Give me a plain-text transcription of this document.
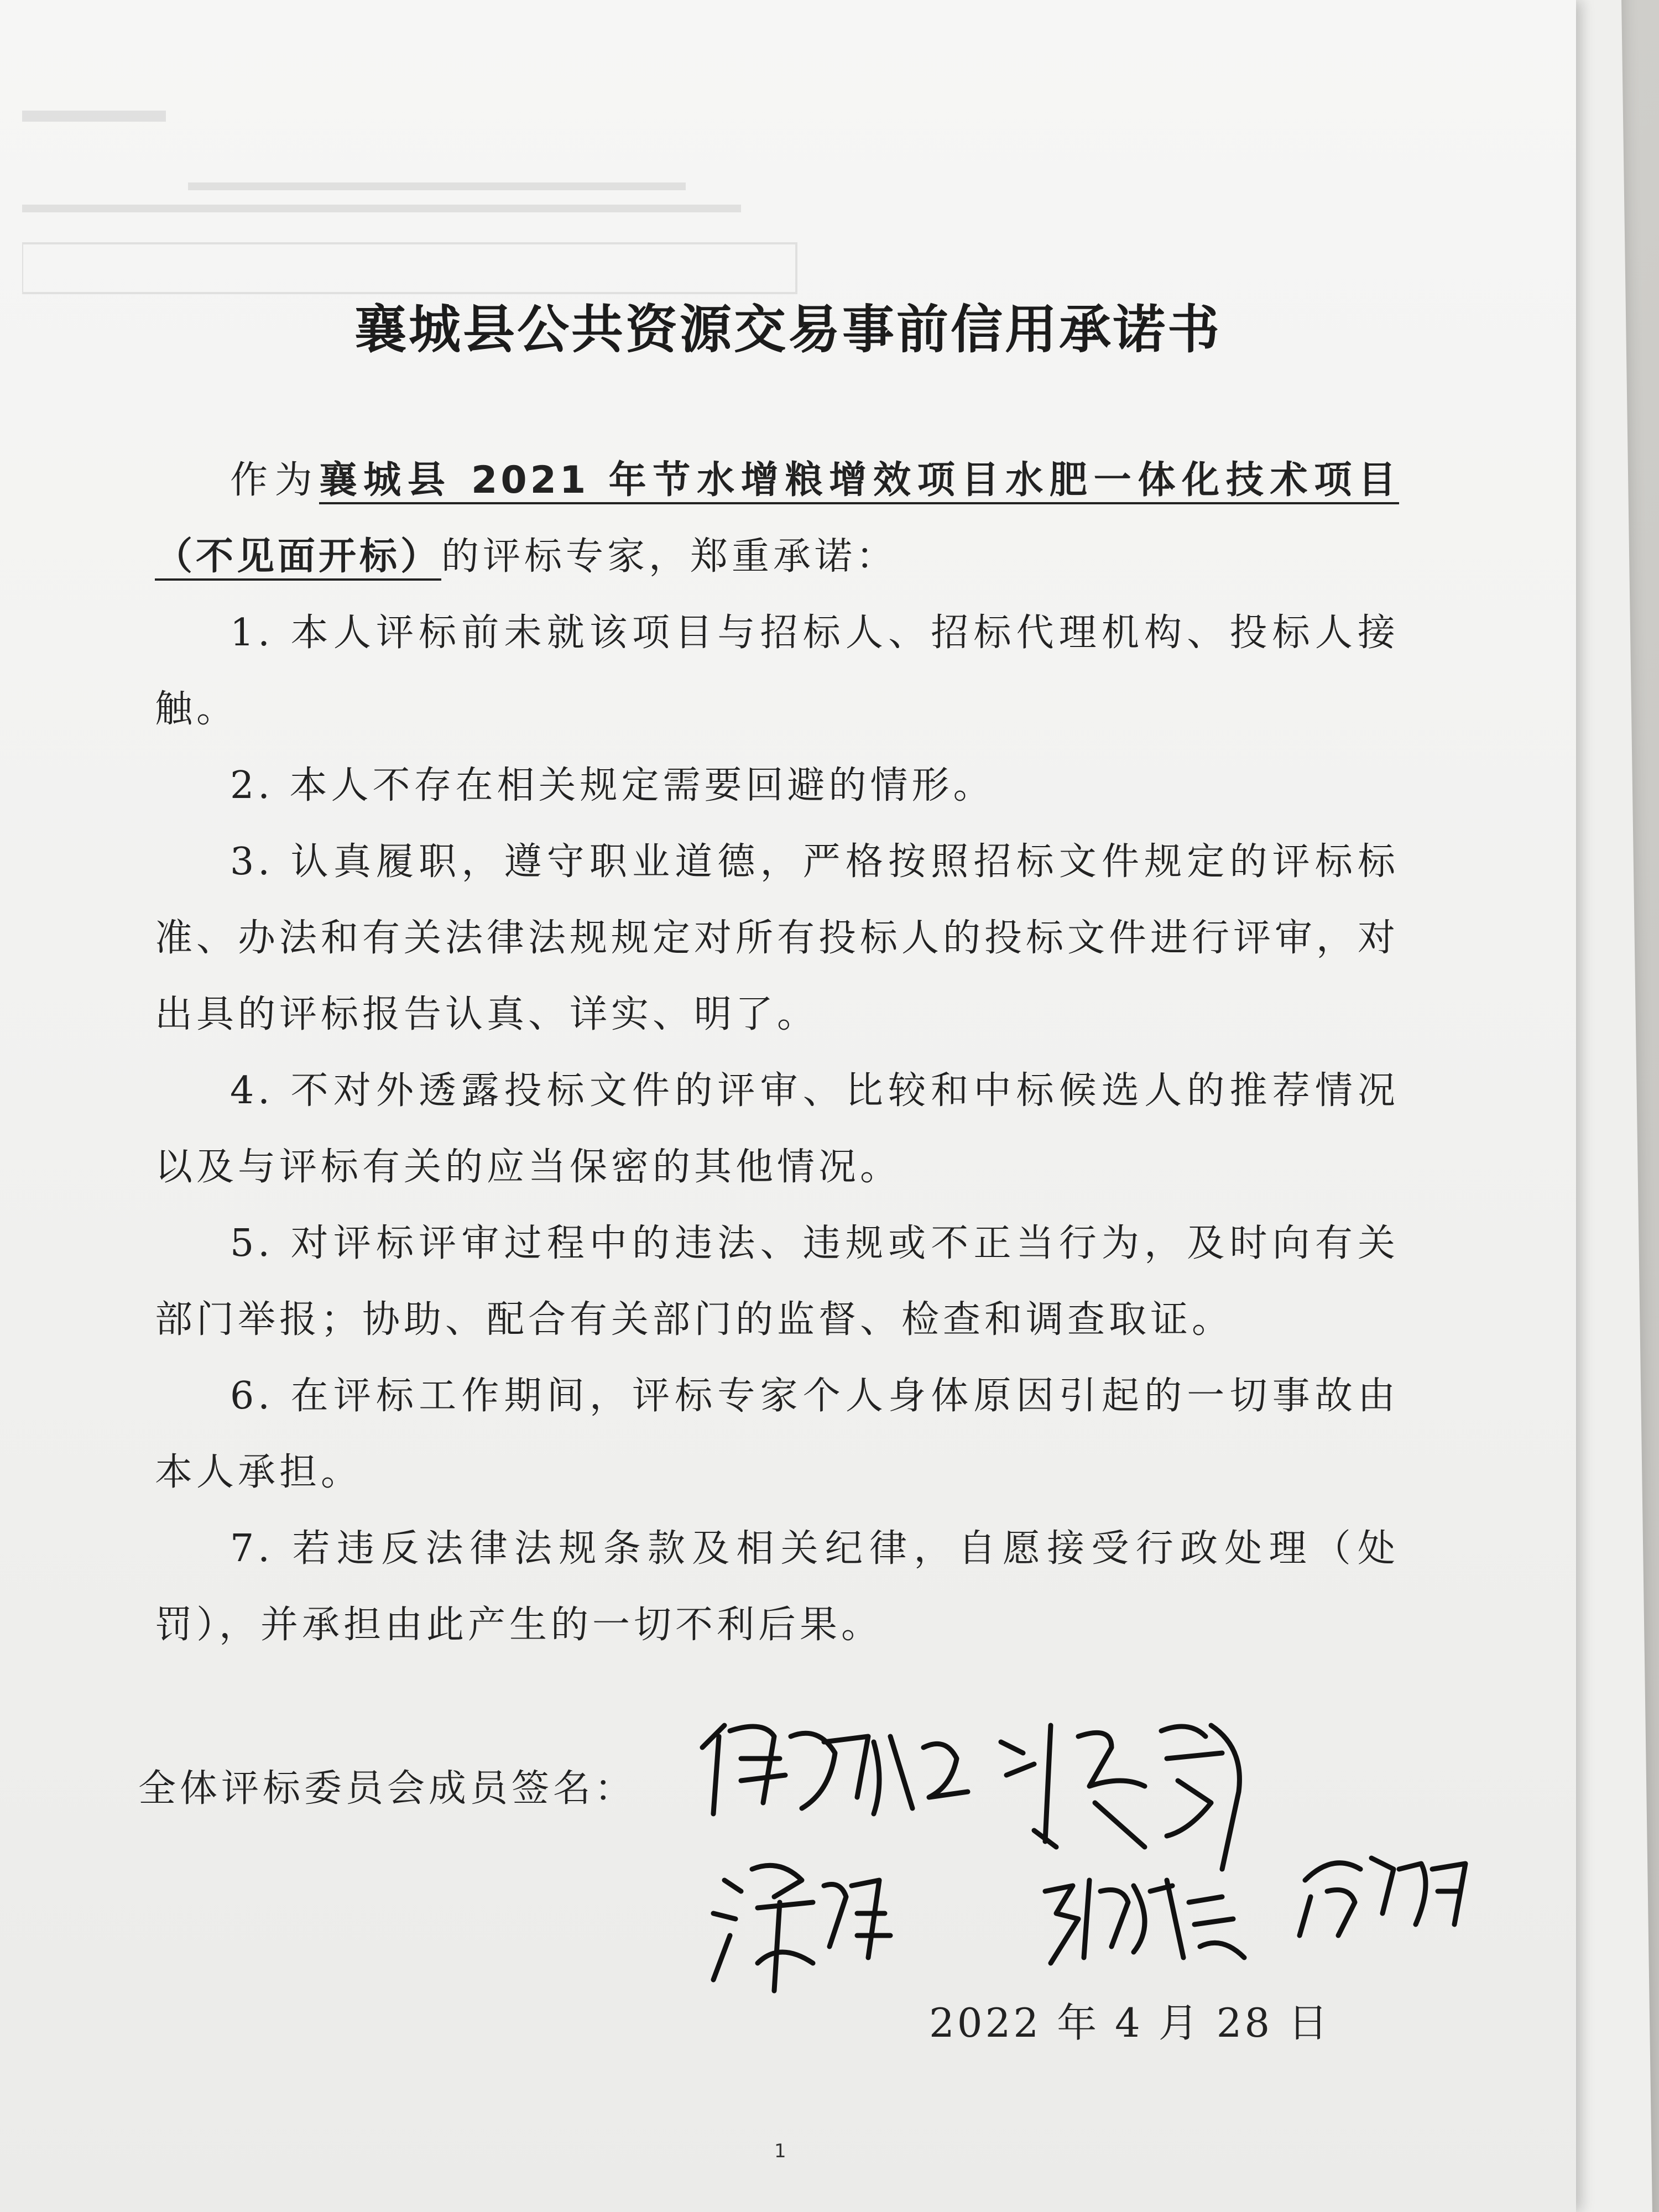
襄城县公共资源交易事前信用承诺书

作为襄城县 2021 年节水增粮增效项目水肥一体化技术项目（不见面开标）的评标专家，郑重承诺：

1. 本人评标前未就该项目与招标人、招标代理机构、投标人接触。

2. 本人不存在相关规定需要回避的情形。

3. 认真履职，遵守职业道德，严格按照招标文件规定的评标标准、办法和有关法律法规规定对所有投标人的投标文件进行评审，对出具的评标报告认真、详实、明了。

4. 不对外透露投标文件的评审、比较和中标候选人的推荐情况以及与评标有关的应当保密的其他情况。

5. 对评标评审过程中的违法、违规或不正当行为，及时向有关部门举报；协助、配合有关部门的监督、检查和调查取证。

6. 在评标工作期间，评标专家个人身体原因引起的一切事故由本人承担。

7. 若违反法律法规条款及相关纪律，自愿接受行政处理（处罚），并承担由此产生的一切不利后果。

全体评标委员会成员签名：
2022 年 4 月 28 日
1
